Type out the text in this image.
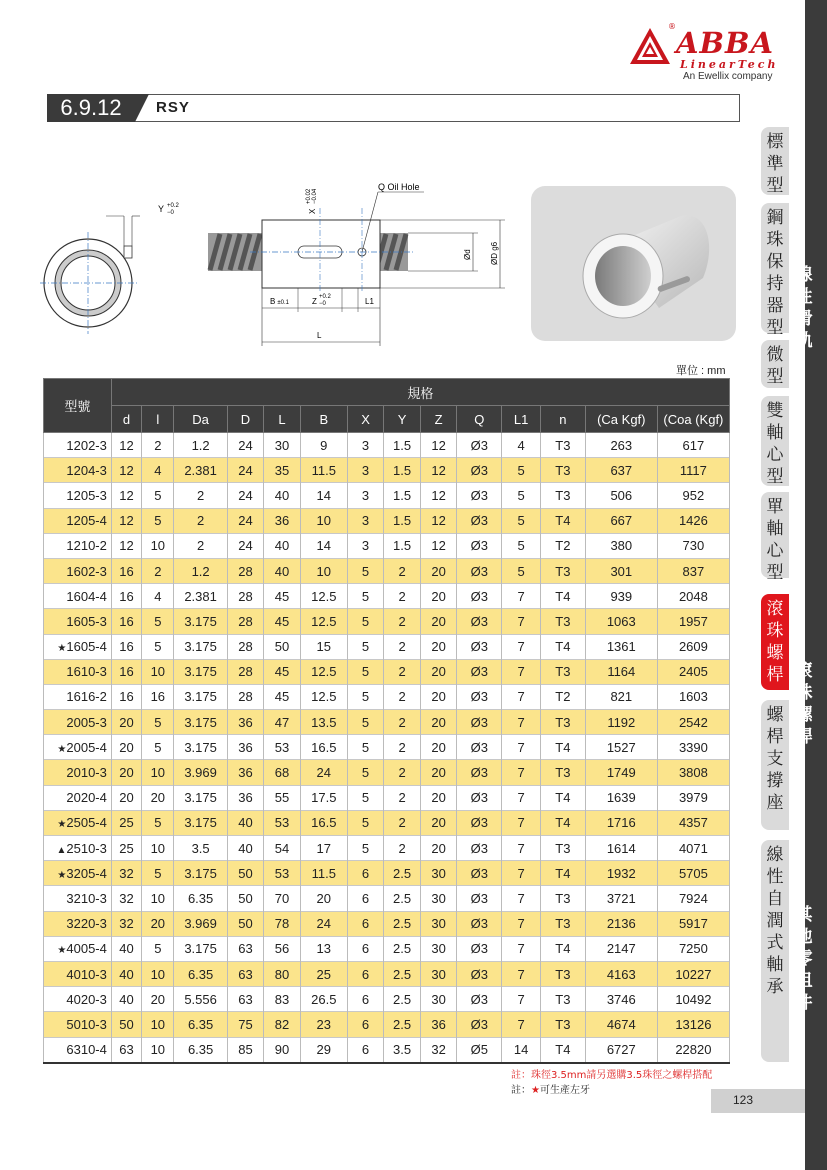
® ABBA
LinearTech
An Ewellix company
6.9.12	RSY
Y +0.2
−0
Q Oil Hole
X
+0.02 −0.04
Ød ØD g6
B ±0.1	Z +0.2
−0	L1
L
單位 : mm
型號	規格													
	d	l	Da	D	L	B	X	Y	Z	Q	L1	n	(Ca Kgf)	(Coa (Kgf)
1202-3	12	2	1.2	24	30	9	3	1.5	12	Ø3	4	T3	263	617
1204-3	12	4	2.381	24	35	11.5	3	1.5	12	Ø3	5	T3	637	1117
1205-3	12	5	2	24	40	14	3	1.5	12	Ø3	5	T3	506	952
1205-4	12	5	2	24	36	10	3	1.5	12	Ø3	5	T4	667	1426
1210-2	12	10	2	24	40	14	3	1.5	12	Ø3	5	T2	380	730
1602-3	16	2	1.2	28	40	10	5	2	20	Ø3	5	T3	301	837
1604-4	16	4	2.381	28	45	12.5	5	2	20	Ø3	7	T4	939	2048
1605-3	16	5	3.175	28	45	12.5	5	2	20	Ø3	7	T3	1063	1957
★1605-4	16	5	3.175	28	50	15	5	2	20	Ø3	7	T4	1361	2609
1610-3	16	10	3.175	28	45	12.5	5	2	20	Ø3	7	T3	1164	2405
1616-2	16	16	3.175	28	45	12.5	5	2	20	Ø3	7	T2	821	1603
2005-3	20	5	3.175	36	47	13.5	5	2	20	Ø3	7	T3	1192	2542
★2005-4	20	5	3.175	36	53	16.5	5	2	20	Ø3	7	T4	1527	3390
2010-3	20	10	3.969	36	68	24	5	2	20	Ø3	7	T3	1749	3808
2020-4	20	20	3.175	36	55	17.5	5	2	20	Ø3	7	T4	1639	3979
★2505-4	25	5	3.175	40	53	16.5	5	2	20	Ø3	7	T4	1716	4357
▲2510-3	25	10	3.5	40	54	17	5	2	20	Ø3	7	T3	1614	4071
★3205-4	32	5	3.175	50	53	11.5	6	2.5	30	Ø3	7	T4	1932	5705
3210-3	32	10	6.35	50	70	20	6	2.5	30	Ø3	7	T3	3721	7924
3220-3	32	20	3.969	50	78	24	6	2.5	30	Ø3	7	T3	2136	5917
★4005-4	40	5	3.175	63	56	13	6	2.5	30	Ø3	7	T4	2147	7250
4010-3	40	10	6.35	63	80	25	6	2.5	30	Ø3	7	T3	4163	10227
4020-3	40	20	5.556	63	83	26.5	6	2.5	30	Ø3	7	T3	3746	10492
5010-3	50	10	6.35	75	82	23	6	2.5	36	Ø3	7	T3	4674	13126
6310-4	63	10	6.35	85	90	29	6	3.5	32	Ø5	14	T4	6727	22820
註：珠徑3.5mm請另選購3.5珠徑之螺桿搭配
註：★可生產左牙
123
標
準
型
鋼
珠
保
持
器
型
微
型
雙
軸
心
型
單
軸
心
型
滾
珠
螺
桿
螺
桿
支
撐
座
線
性
自
潤
式
軸
承
線
性
滑
軌
滾
珠
螺
桿
其
他
零
組
件
